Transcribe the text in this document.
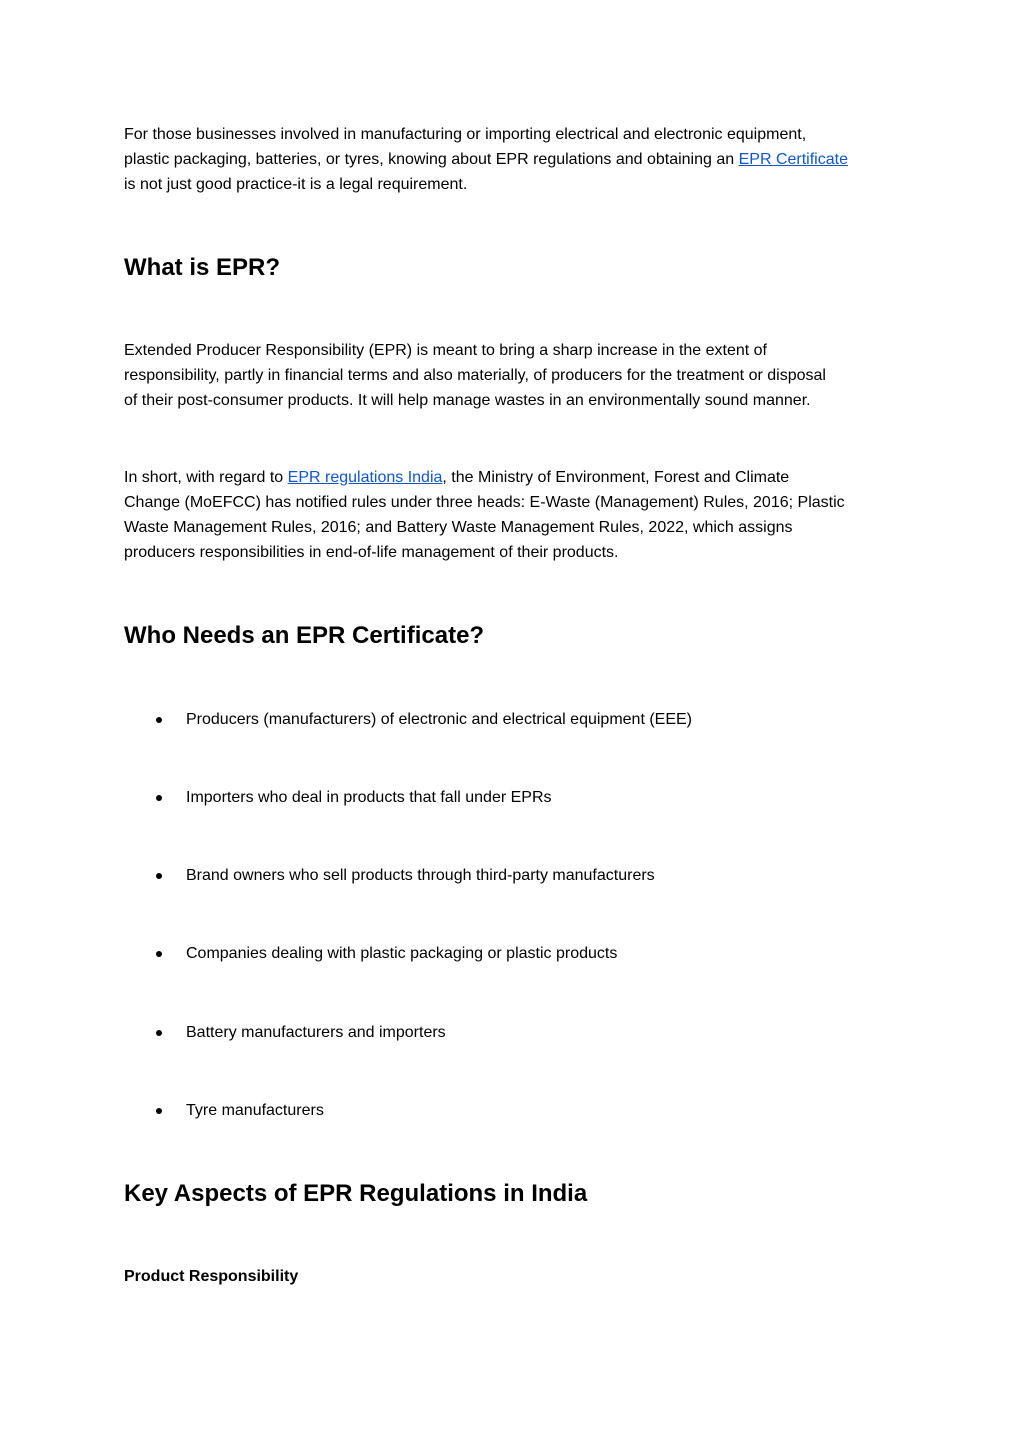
For those businesses involved in manufacturing or importing electrical and electronic equipment,
plastic packaging, batteries, or tyres, knowing about EPR regulations and obtaining an EPR Certificate
is not just good practice-it is a legal requirement.

What is EPR?

Extended Producer Responsibility (EPR) is meant to bring a sharp increase in the extent of
responsibility, partly in financial terms and also materially, of producers for the treatment or disposal
of their post-consumer products. It will help manage wastes in an environmentally sound manner.

In short, with regard to EPR regulations India, the Ministry of Environment, Forest and Climate
Change (MoEFCC) has notified rules under three heads: E-Waste (Management) Rules, 2016; Plastic
Waste Management Rules, 2016; and Battery Waste Management Rules, 2022, which assigns
producers responsibilities in end-of-life management of their products.

Who Needs an EPR Certificate?
Producers (manufacturers) of electronic and electrical equipment (EEE)
Importers who deal in products that fall under EPRs
Brand owners who sell products through third-party manufacturers
Companies dealing with plastic packaging or plastic products
Battery manufacturers and importers
Tyre manufacturers
Key Aspects of EPR Regulations in India
Product Responsibility
